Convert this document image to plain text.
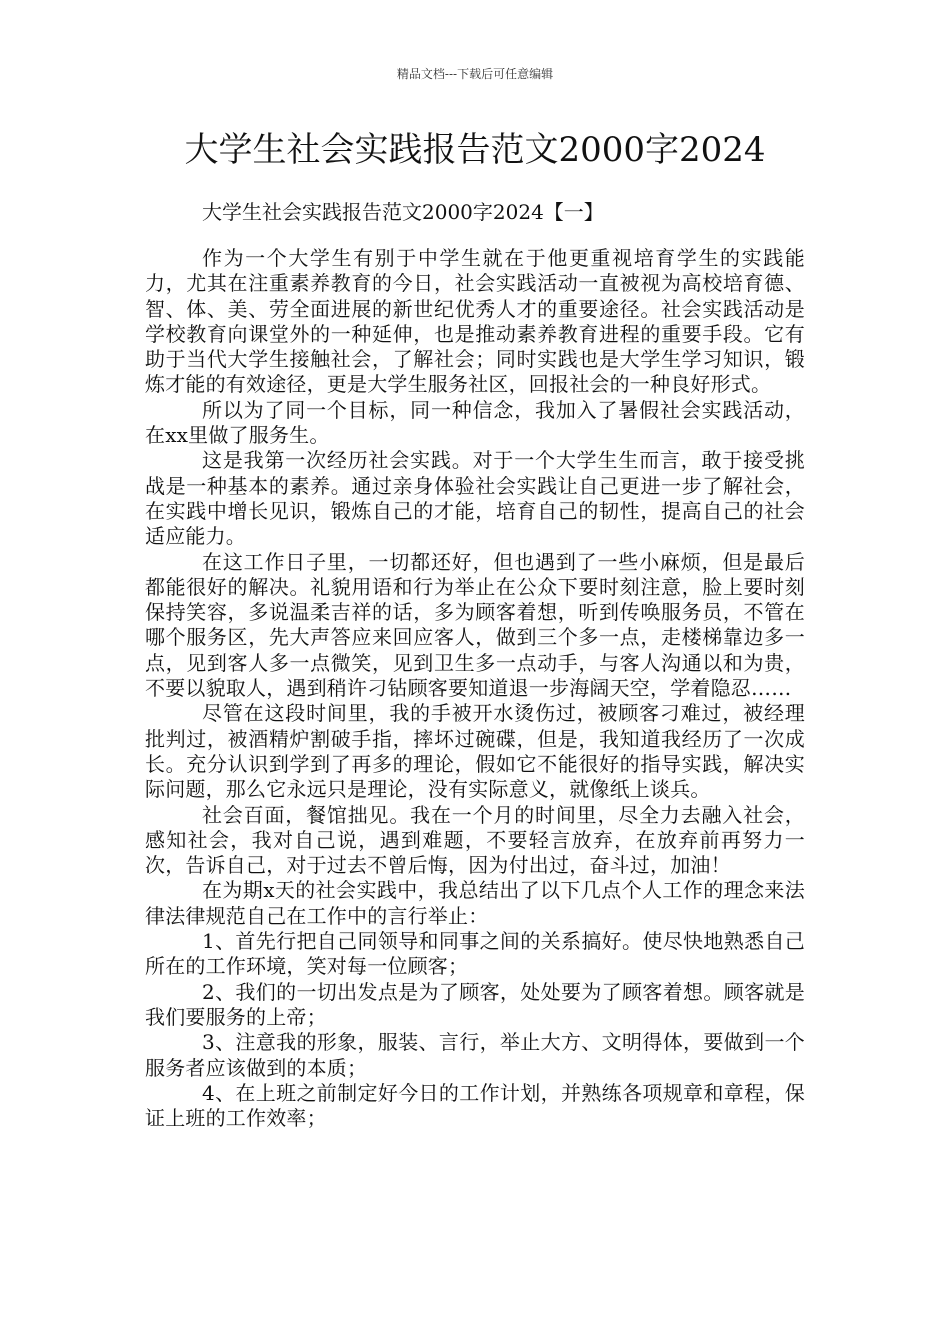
精品文档---下载后可任意编辑
大学生社会实践报告范文2000字2024

大学生社会实践报告范文2000字2024【一】

作为一个大学生有别于中学生就在于他更重视培育学生的实践能力，尤其在注重素养教育的今日，社会实践活动一直被视为高校培育德、智、体、美、劳全面进展的新世纪优秀人才的重要途径。社会实践活动是学校教育向课堂外的一种延伸，也是推动素养教育进程的重要手段。它有助于当代大学生接触社会，了解社会；同时实践也是大学生学习知识，锻炼才能的有效途径，更是大学生服务社区，回报社会的一种良好形式。

所以为了同一个目标，同一种信念，我加入了暑假社会实践活动，在xx里做了服务生。

这是我第一次经历社会实践。对于一个大学生生而言，敢于接受挑战是一种基本的素养。通过亲身体验社会实践让自己更进一步了解社会，在实践中增长见识，锻炼自己的才能，培育自己的韧性，提高自己的社会适应能力。

在这工作日子里，一切都还好，但也遇到了一些小麻烦，但是最后都能很好的解决。礼貌用语和行为举止在公众下要时刻注意，脸上要时刻保持笑容，多说温柔吉祥的话，多为顾客着想，听到传唤服务员，不管在哪个服务区，先大声答应来回应客人，做到三个多一点，走楼梯靠边多一点，见到客人多一点微笑，见到卫生多一点动手，与客人沟通以和为贵，不要以貌取人，遇到稍许刁钻顾客要知道退一步海阔天空，学着隐忍……

尽管在这段时间里，我的手被开水烫伤过，被顾客刁难过，被经理批判过，被酒精炉割破手指，摔坏过碗碟，但是，我知道我经历了一次成长。充分认识到学到了再多的理论，假如它不能很好的指导实践，解决实际问题，那么它永远只是理论，没有实际意义，就像纸上谈兵。

社会百面，餐馆拙见。我在一个月的时间里，尽全力去融入社会，感知社会，我对自己说，遇到难题，不要轻言放弃，在放弃前再努力一次，告诉自己，对于过去不曾后悔，因为付出过，奋斗过，加油！

在为期x天的社会实践中，我总结出了以下几点个人工作的理念来法律法律规范自己在工作中的言行举止：

1、首先行把自己同领导和同事之间的关系搞好。使尽快地熟悉自己所在的工作环境，笑对每一位顾客；

2、我们的一切出发点是为了顾客，处处要为了顾客着想。顾客就是我们要服务的上帝；

3、注意我的形象，服装、言行，举止大方、文明得体，要做到一个服务者应该做到的本质；

4、在上班之前制定好今日的工作计划，并熟练各项规章和章程，保证上班的工作效率；
